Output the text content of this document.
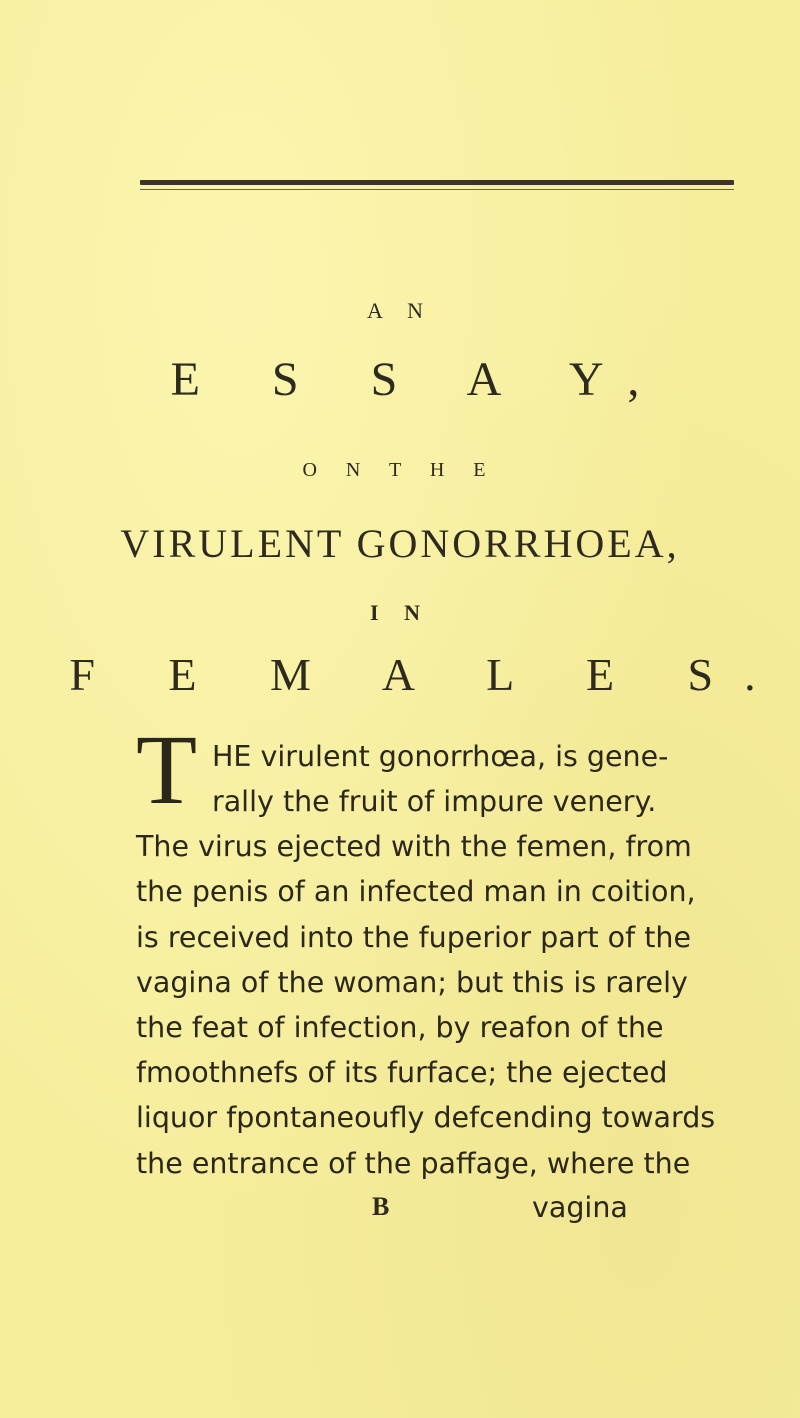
A N
E S S A Y,
O N T H E
VIRULENT GONORRHOEA,
I N
F E M A L E S.
T HE virulent gonorrhœa, is gene-
rally the fruit of impure venery.
The virus ejected with the femen, from
the penis of an infected man in coition,
is received into the fuperior part of the
vagina of the woman; but this is rarely
the feat of infection, by reafon of the
fmoothnefs of its furface; the ejected
liquor fpontaneoufly defcending towards
the entrance of the paffage, where the
vagina
B
